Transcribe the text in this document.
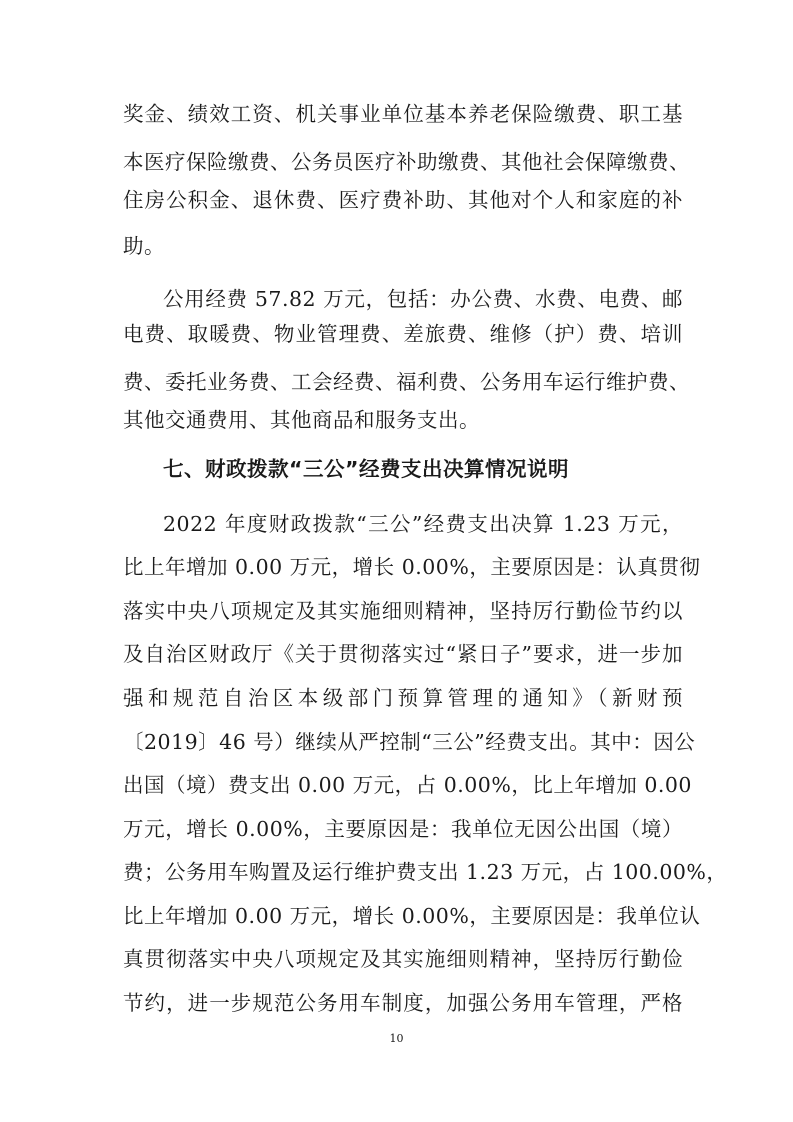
奖金、绩效工资、机关事业单位基本养老保险缴费、职工基
本医疗保险缴费、公务员医疗补助缴费、其他社会保障缴费、
住房公积金、退休费、医疗费补助、其他对个人和家庭的补
助。
公用经费 57.82 万元，包括：办公费、水费、电费、邮
电费、取暖费、物业管理费、差旅费、维修（护）费、培训
费、委托业务费、工会经费、福利费、公务用车运行维护费、
其他交通费用、其他商品和服务支出。
七、财政拨款“三公”经费支出决算情况说明
2022 年度财政拨款“三公”经费支出决算 1.23 万元，
比上年增加 0.00 万元，增长 0.00%，主要原因是：认真贯彻
落实中央八项规定及其实施细则精神，坚持厉行勤俭节约以
及自治区财政厅《关于贯彻落实过“紧日子”要求，进一步加
强和规范自治区本级部门预算管理的通知》（新财预
〔2019〕46 号）继续从严控制“三公”经费支出。其中：因公
出国（境）费支出 0.00 万元，占 0.00%，比上年增加 0.00
万元，增长 0.00%，主要原因是：我单位无因公出国（境）
费；公务用车购置及运行维护费支出 1.23 万元，占 100.00%，
比上年增加 0.00 万元，增长 0.00%，主要原因是：我单位认
真贯彻落实中央八项规定及其实施细则精神，坚持厉行勤俭
节约，进一步规范公务用车制度，加强公务用车管理，严格
10
